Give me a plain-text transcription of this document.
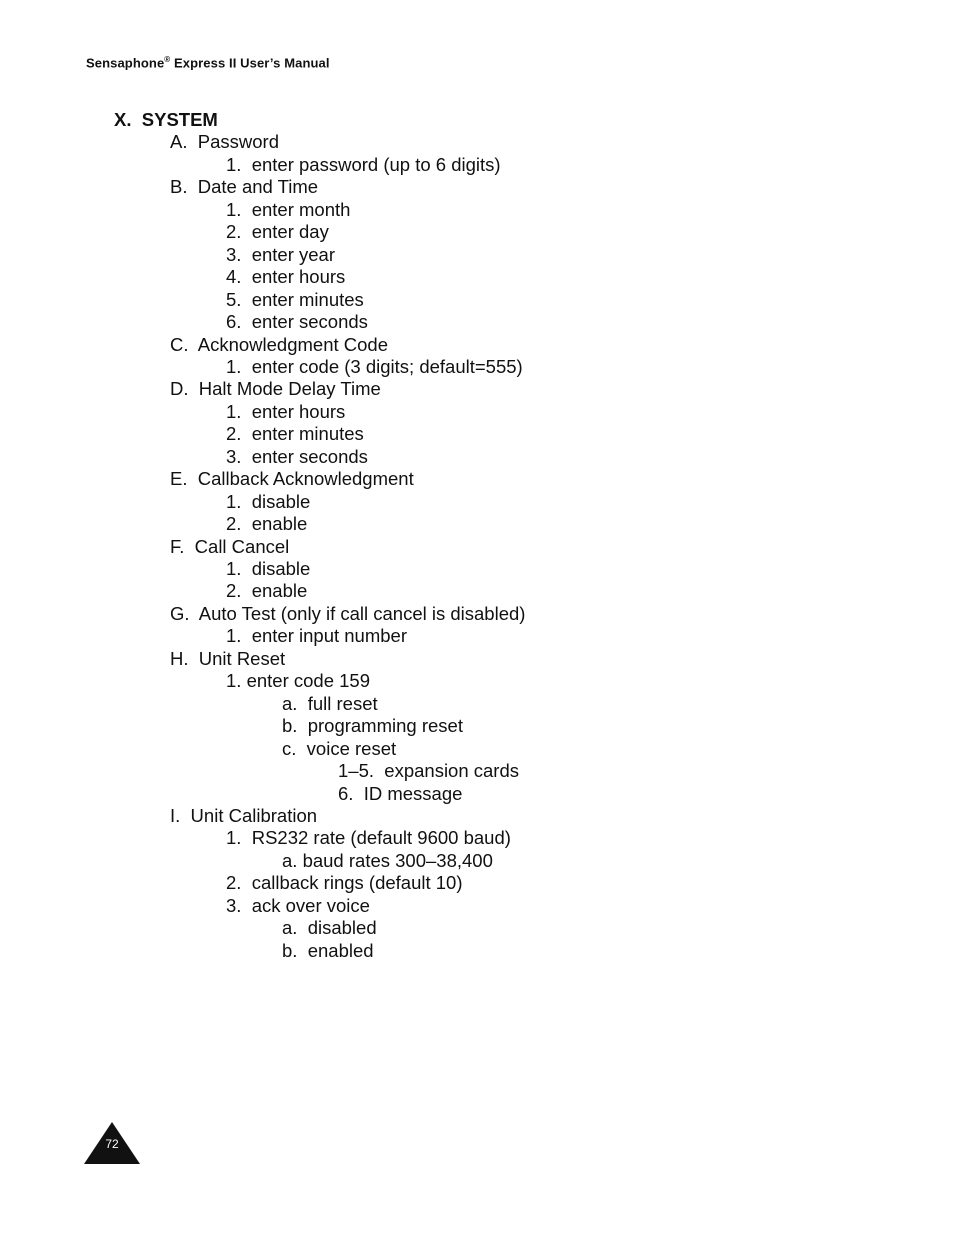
Sensaphone® Express II User’s Manual
X.  SYSTEM
A.  Password
1.  enter password (up to 6 digits)
B.  Date and Time
1.  enter month
2.  enter day
3.  enter year
4.  enter hours
5.  enter minutes
6.  enter seconds
C.  Acknowledgment Code
1.  enter code (3 digits; default=555)
D.  Halt Mode Delay Time
1.  enter hours
2.  enter minutes
3.  enter seconds
E.  Callback Acknowledgment
1.  disable
2.  enable
F.  Call Cancel
1.  disable
2.  enable
G.  Auto Test (only if call cancel is disabled)
1.  enter input number
H.  Unit Reset
1. enter code 159
a.  full reset
b.  programming reset
c.  voice reset
1–5.  expansion cards
6.  ID message
I.  Unit Calibration
1.  RS232 rate (default 9600 baud)
a. baud rates 300–38,400
2.  callback rings (default 10)
3.  ack over voice
a.  disabled
b.  enabled
72
